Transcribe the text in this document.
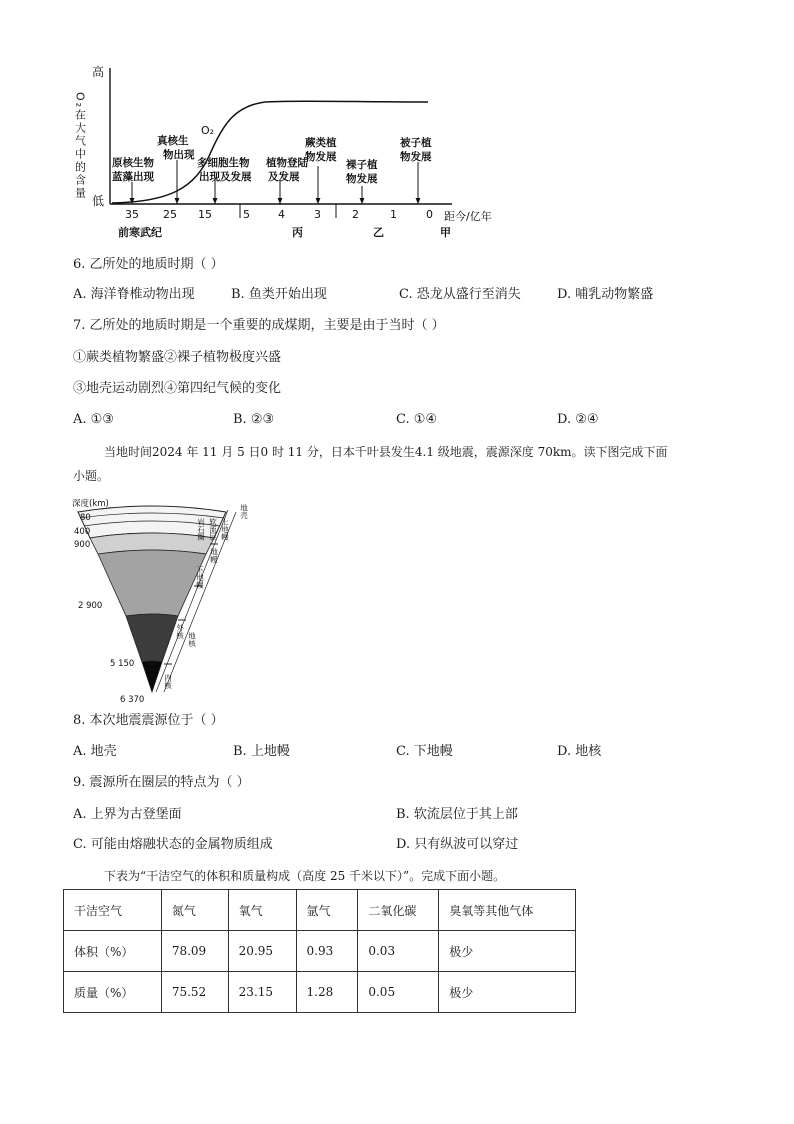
高
低
O₂在大气中的含量	O₂
原核生物
蓝藻出现
真核生
物出现
多细胞生物
出现及发展
植物登陆
及发展
蕨类植
物发展
裸子植
物发展
被子植
物发展
35 25 15	5	4	3	2	1	0 距今/亿年
前寒武纪	丙	乙	甲
6. 乙所处的地质时期（ ）
A. 海洋脊椎动物出现	B. 鱼类开始出现	C. 恐龙从盛行至消失	D. 哺乳动物繁盛
7. 乙所处的地质时期是一个重要的成煤期，主要是由于当时（ ）
①蕨类植物繁盛②裸子植物极度兴盛
③地壳运动剧烈④第四纪气候的变化
A. ①③	B. ②③	C. ①④	D. ②④
当地时间2024 年 11 月 5 日0 时 11 分，日本千叶县发生4.1 级地震，震源深度 70km。读下图完成下面
小题。
深度(km)
80
400
900
2 900
5 150
6 370
地壳
岩石圈 软流层 上地幔
下地幔
地幔
外核
地核
内核
8. 本次地震震源位于（ ）
A. 地壳	B. 上地幔	C. 下地幔	D. 地核
9. 震源所在圈层的特点为（ ）
A. 上界为古登堡面	B. 软流层位于其上部
C. 可能由熔融状态的金属物质组成	D. 只有纵波可以穿过
下表为“干洁空气的体积和质量构成（高度 25 千米以下）”。完成下面小题。
干洁空气	氮气	氧气	氩气	二氧化碳	臭氧等其他气体
体积（%）	78.09	20.95	0.93	0.03	极少
质量（%）	75.52	23.15	1.28	0.05	极少
